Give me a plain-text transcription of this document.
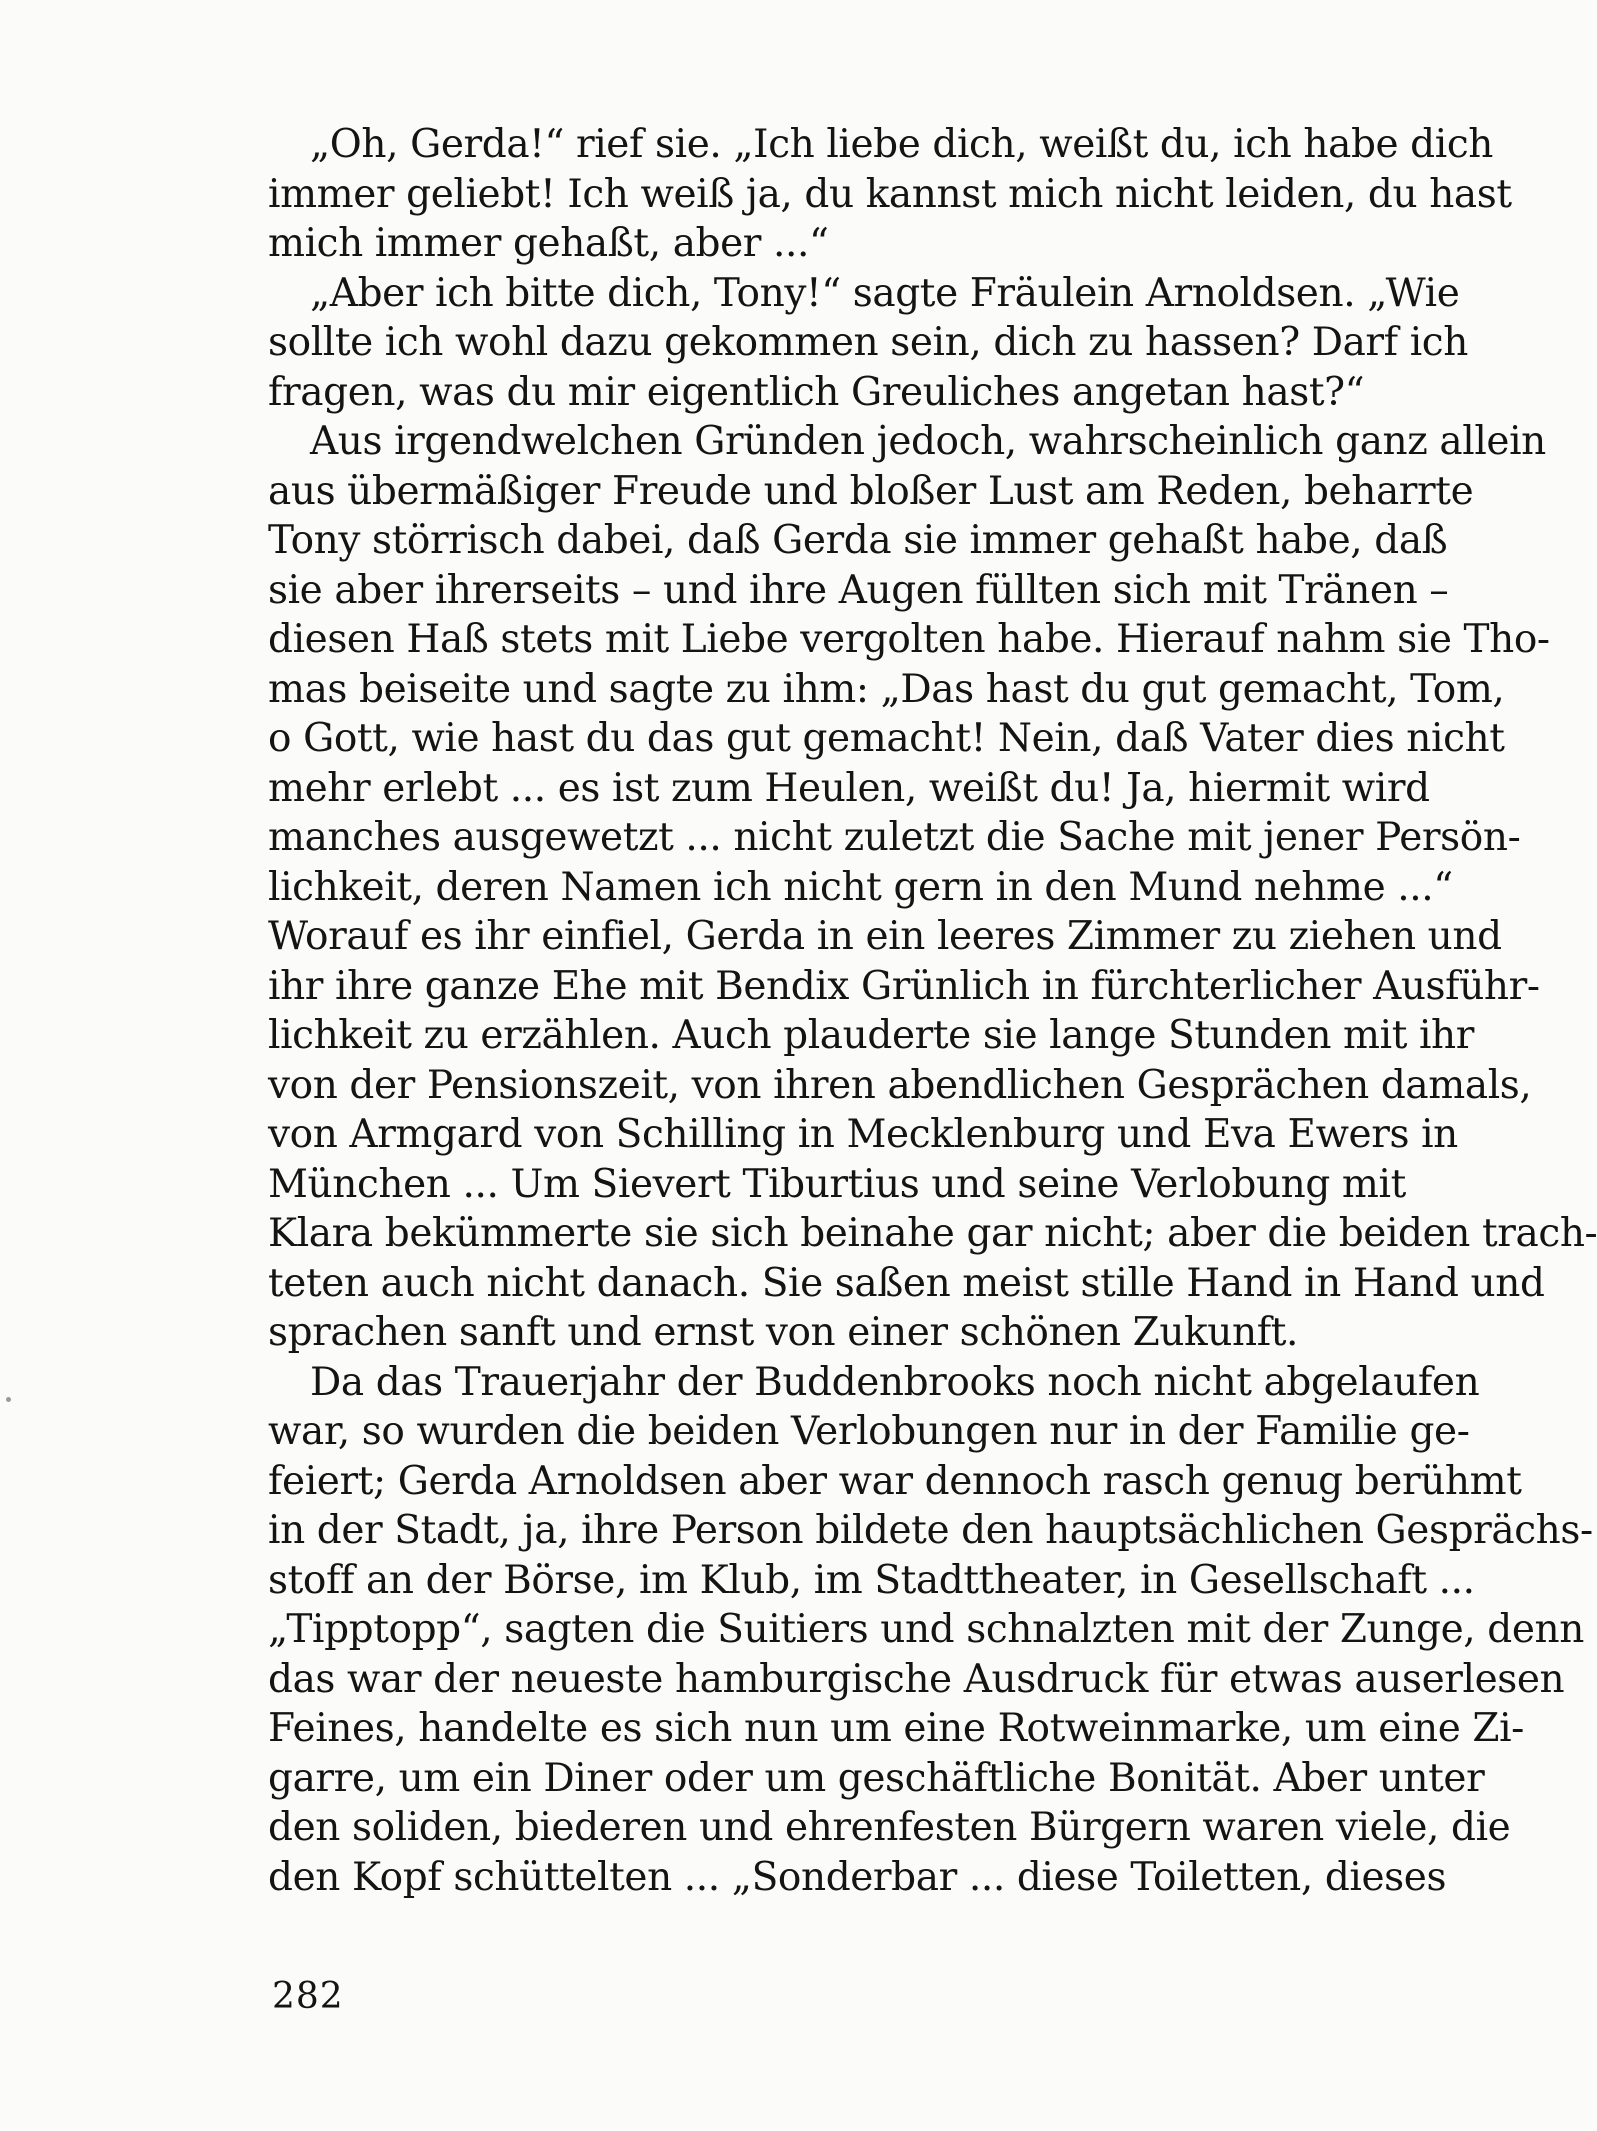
„Oh, Gerda!“ rief sie. „Ich liebe dich, weißt du, ich habe dich
immer geliebt! Ich weiß ja, du kannst mich nicht leiden, du hast
mich immer gehaßt, aber ...“
„Aber ich bitte dich, Tony!“ sagte Fräulein Arnoldsen. „Wie
sollte ich wohl dazu gekommen sein, dich zu hassen? Darf ich
fragen, was du mir eigentlich Greuliches angetan hast?“
Aus irgendwelchen Gründen jedoch, wahrscheinlich ganz allein
aus übermäßiger Freude und bloßer Lust am Reden, beharrte
Tony störrisch dabei, daß Gerda sie immer gehaßt habe, daß
sie aber ihrerseits – und ihre Augen füllten sich mit Tränen –
diesen Haß stets mit Liebe vergolten habe. Hierauf nahm sie Tho-
mas beiseite und sagte zu ihm: „Das hast du gut gemacht, Tom,
o Gott, wie hast du das gut gemacht! Nein, daß Vater dies nicht
mehr erlebt ... es ist zum Heulen, weißt du! Ja, hiermit wird
manches ausgewetzt ... nicht zuletzt die Sache mit jener Persön-
lichkeit, deren Namen ich nicht gern in den Mund nehme ...“
Worauf es ihr einfiel, Gerda in ein leeres Zimmer zu ziehen und
ihr ihre ganze Ehe mit Bendix Grünlich in fürchterlicher Ausführ-
lichkeit zu erzählen. Auch plauderte sie lange Stunden mit ihr
von der Pensionszeit, von ihren abendlichen Gesprächen damals,
von Armgard von Schilling in Mecklenburg und Eva Ewers in
München ... Um Sievert Tiburtius und seine Verlobung mit
Klara bekümmerte sie sich beinahe gar nicht; aber die beiden trach-
teten auch nicht danach. Sie saßen meist stille Hand in Hand und
sprachen sanft und ernst von einer schönen Zukunft.
Da das Trauerjahr der Buddenbrooks noch nicht abgelaufen
war, so wurden die beiden Verlobungen nur in der Familie ge-
feiert; Gerda Arnoldsen aber war dennoch rasch genug berühmt
in der Stadt, ja, ihre Person bildete den hauptsächlichen Gesprächs-
stoff an der Börse, im Klub, im Stadttheater, in Gesellschaft ...
„Tipptopp“, sagten die Suitiers und schnalzten mit der Zunge, denn
das war der neueste hamburgische Ausdruck für etwas auserlesen
Feines, handelte es sich nun um eine Rotweinmarke, um eine Zi-
garre, um ein Diner oder um geschäftliche Bonität. Aber unter
den soliden, biederen und ehrenfesten Bürgern waren viele, die
den Kopf schüttelten ... „Sonderbar ... diese Toiletten, dieses
282
